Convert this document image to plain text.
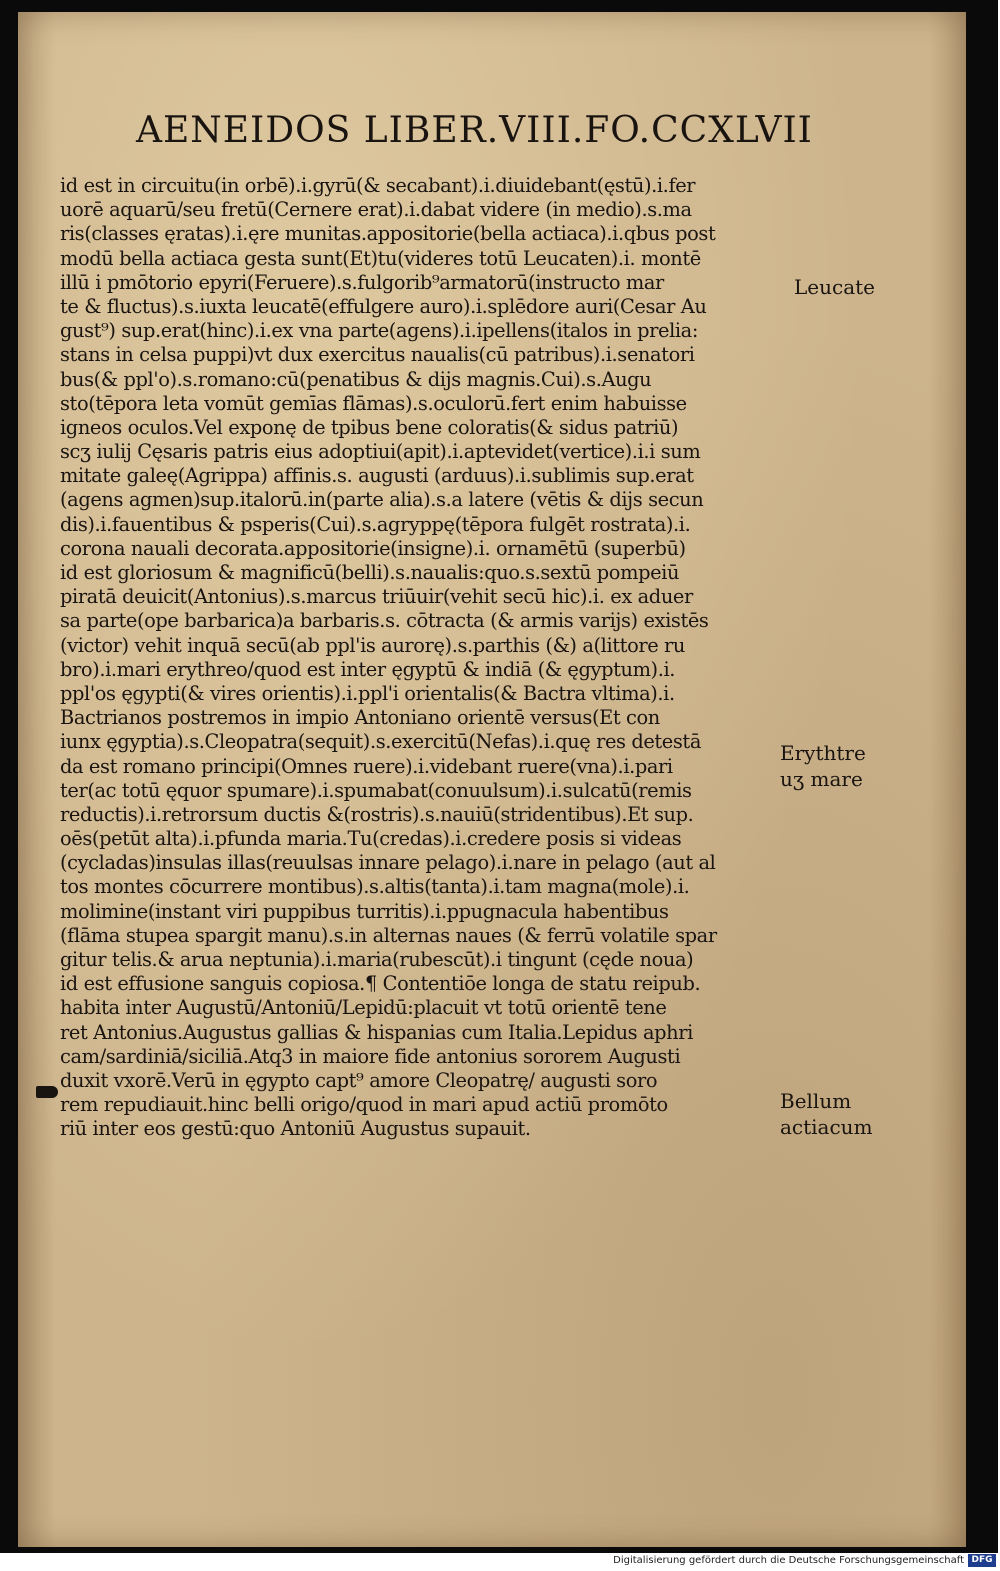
AENEIDOS LIBER.VIII.FO.CCXLVII
id est in circuitu(in orbē).i.gyrū(& secabant).i.diuidebant(ęstū).i.fer
uorē aquarū/seu fretū(Cernere erat).i.dabat videre (in medio).s.ma
ris(classes ęratas).i.ęre munitas.appositorie(bella actiaca).i.qbus post
modū bella actiaca gesta sunt(Et)tu(videres totū Leucaten).i. montē
illū i pmōtorio epyri(Feruere).s.fulgorib⁹armatorū(instructo mar
te & fluctus).s.iuxta leucatē(effulgere auro).i.splēdore auri(Cesar Au
gust⁹) sup.erat(hinc).i.ex vna parte(agens).i.ipellens(italos in prelia:
stans in celsa puppi)vt dux exercitus naualis(cū patribus).i.senatori
bus(& ppl'o).s.romano:cū(penatibus & dijs magnis.Cui).s.Augu
sto(tēpora leta vomūt gemīas flāmas).s.oculorū.fert enim habuisse
igneos oculos.Vel exponę de tpibus bene coloratis(& sidus patriū)
scʒ iulij Cęsaris patris eius adoptiui(apit).i.aptevidet(vertice).i.i sum
mitate galeę(Agrippa) affinis.s. augusti (arduus).i.sublimis sup.erat
(agens agmen)sup.italorū.in(parte alia).s.a latere (vētis & dijs secun
dis).i.fauentibus & psperis(Cui).s.agryppę(tēpora fulgēt rostrata).i.
corona nauali decorata.appositorie(insigne).i. ornamētū (superbū)
id est gloriosum & magnificū(belli).s.naualis:quo.s.sextū pompeiū
piratā deuicit(Antonius).s.marcus triūuir(vehit secū hic).i. ex aduer
sa parte(ope barbarica)a barbaris.s. cōtracta (& armis varijs) existēs
(victor) vehit inquā secū(ab ppl'is aurorę).s.parthis (&) a(littore ru
bro).i.mari erythreo/quod est inter ęgyptū & indiā (& ęgyptum).i.
ppl'os ęgypti(& vires orientis).i.ppl'i orientalis(& Bactra vltima).i.
Bactrianos postremos in impio Antoniano orientē versus(Et con
iunx ęgyptia).s.Cleopatra(sequit).s.exercitū(Nefas).i.quę res detestā
da est romano principi(Omnes ruere).i.videbant ruere(vna).i.pari
ter(ac totū ęquor spumare).i.spumabat(conuulsum).i.sulcatū(remis
reductis).i.retrorsum ductis &(rostris).s.nauiū(stridentibus).Et sup.
oēs(petūt alta).i.pfunda maria.Tu(credas).i.credere posis si videas
(cycladas)insulas illas(reuulsas innare pelago).i.nare in pelago (aut al
tos montes cōcurrere montibus).s.altis(tanta).i.tam magna(mole).i.
molimine(instant viri puppibus turritis).i.ppugnacula habentibus
(flāma stupea spargit manu).s.in alternas naues (& ferrū volatile spar
gitur telis.& arua neptunia).i.maria(rubescūt).i tingunt (cęde noua)
id est effusione sanguis copiosa.¶ Contentiōe longa de statu reipub.
habita inter Augustū/Antoniū/Lepidū:placuit vt totū orientē tene
ret Antonius.Augustus gallias & hispanias cum Italia.Lepidus aphri
cam/sardiniā/siciliā.Atq3 in maiore fide antonius sororem Augusti
duxit vxorē.Verū in ęgypto capt⁹ amore Cleopatrę/ augusti soro
rem repudiauit.hinc belli origo/quod in mari apud actiū promōto
riū inter eos gestū:quo Antoniū Augustus supauit.
Leucate
Erythtre
uʒ mare
Bellum
actiacum
Digitalisierung gefördert durch die Deutsche Forschungsgemeinschaft DFG
